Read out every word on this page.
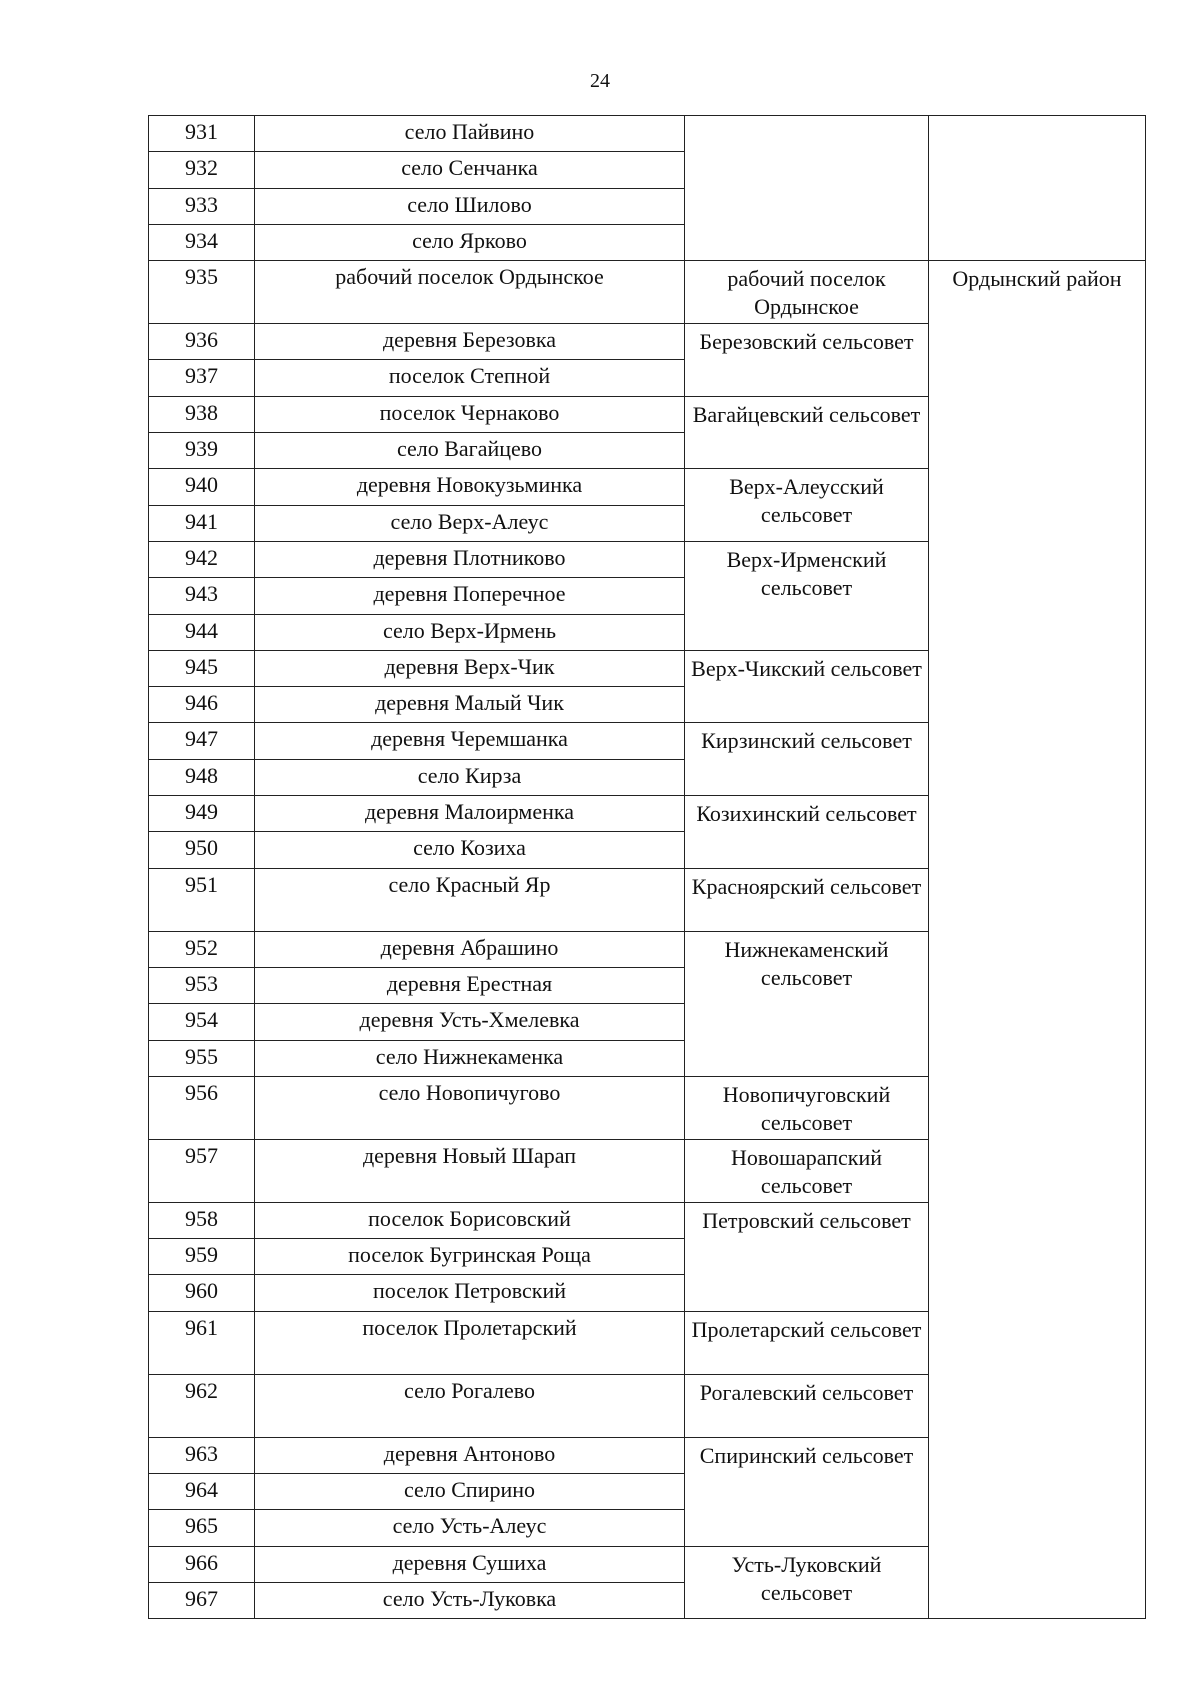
24
931	село Пайвино		
932	село Сенчанка		
933	село Шилово		
934	село Ярково		
935	рабочий поселок Ордынское	рабочий поселок Ордынское	Ордынский район
936	деревня Березовка	Березовский сельсовет	
937	поселок Степной		
938	поселок Чернаково	Вагайцевский сельсовет	
939	село Вагайцево		
940	деревня Новокузьминка	Верх-Алеусский сельсовет	
941	село Верх-Алеус		
942	деревня Плотниково	Верх-Ирменский сельсовет	
943	деревня Поперечное		
944	село Верх-Ирмень		
945	деревня Верх-Чик	Верх-Чикский сельсовет	
946	деревня Малый Чик		
947	деревня Черемшанка	Кирзинский сельсовет	
948	село Кирза		
949	деревня Малоирменка	Козихинский сельсовет	
950	село Козиха		
951	село Красный Яр	Красноярский сельсовет	
952	деревня Абрашино	Нижнекаменский сельсовет	
953	деревня Ерестная		
954	деревня Усть-Хмелевка		
955	село Нижнекаменка		
956	село Новопичугово	Новопичуговский сельсовет	
957	деревня Новый Шарап	Новошарапский сельсовет	
958	поселок Борисовский	Петровский сельсовет	
959	поселок Бугринская Роща		
960	поселок Петровский		
961	поселок Пролетарский	Пролетарский сельсовет	
962	село Рогалево	Рогалевский сельсовет	
963	деревня Антоново	Спиринский сельсовет	
964	село Спирино		
965	село Усть-Алеус		
966	деревня Сушиха	Усть-Луковский сельсовет	
967	село Усть-Луковка		
